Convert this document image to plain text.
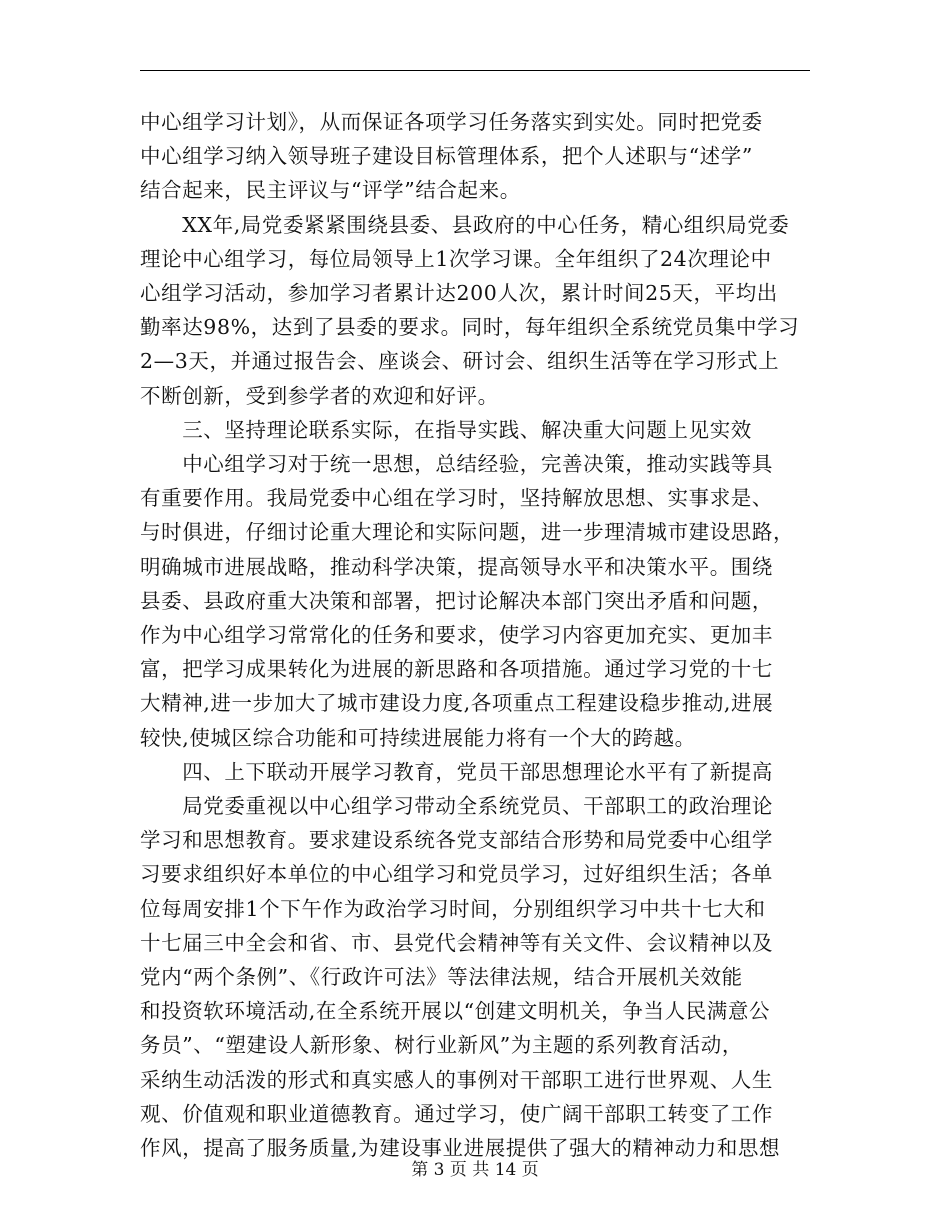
中心组学习计划》，从而保证各项学习任务落实到实处。同时把党委
中心组学习纳入领导班子建设目标管理体系，把个人述职与“述学”
结合起来，民主评议与“评学”结合起来。
　　XX年,局党委紧紧围绕县委、县政府的中心任务，精心组织局党委
理论中心组学习，每位局领导上1次学习课。全年组织了24次理论中
心组学习活动，参加学习者累计达200人次，累计时间25天，平均出
勤率达98%，达到了县委的要求。同时，每年组织全系统党员集中学习
2—3天，并通过报告会、座谈会、研讨会、组织生活等在学习形式上
不断创新，受到参学者的欢迎和好评。
　　三、坚持理论联系实际，在指导实践、解决重大问题上见实效
　　中心组学习对于统一思想，总结经验，完善决策，推动实践等具
有重要作用。我局党委中心组在学习时，坚持解放思想、实事求是、
与时俱进，仔细讨论重大理论和实际问题，进一步理清城市建设思路，
明确城市进展战略，推动科学决策，提高领导水平和决策水平。围绕
县委、县政府重大决策和部署，把讨论解决本部门突出矛盾和问题，
作为中心组学习常常化的任务和要求，使学习内容更加充实、更加丰
富，把学习成果转化为进展的新思路和各项措施。通过学习党的十七
大精神,进一步加大了城市建设力度,各项重点工程建设稳步推动,进展
较快,使城区综合功能和可持续进展能力将有一个大的跨越。
　　四、上下联动开展学习教育，党员干部思想理论水平有了新提高
　　局党委重视以中心组学习带动全系统党员、干部职工的政治理论
学习和思想教育。要求建设系统各党支部结合形势和局党委中心组学
习要求组织好本单位的中心组学习和党员学习，过好组织生活；各单
位每周安排1个下午作为政治学习时间，分别组织学习中共十七大和
十七届三中全会和省、市、县党代会精神等有关文件、会议精神以及
党内“两个条例”、《行政许可法》等法律法规，结合开展机关效能
和投资软环境活动,在全系统开展以“创建文明机关，争当人民满意公
务员”、“塑建设人新形象、树行业新风”为主题的系列教育活动，
采纳生动活泼的形式和真实感人的事例对干部职工进行世界观、人生
观、价值观和职业道德教育。通过学习，使广阔干部职工转变了工作
作风，提高了服务质量,为建设事业进展提供了强大的精神动力和思想
第 3 页 共 14 页
